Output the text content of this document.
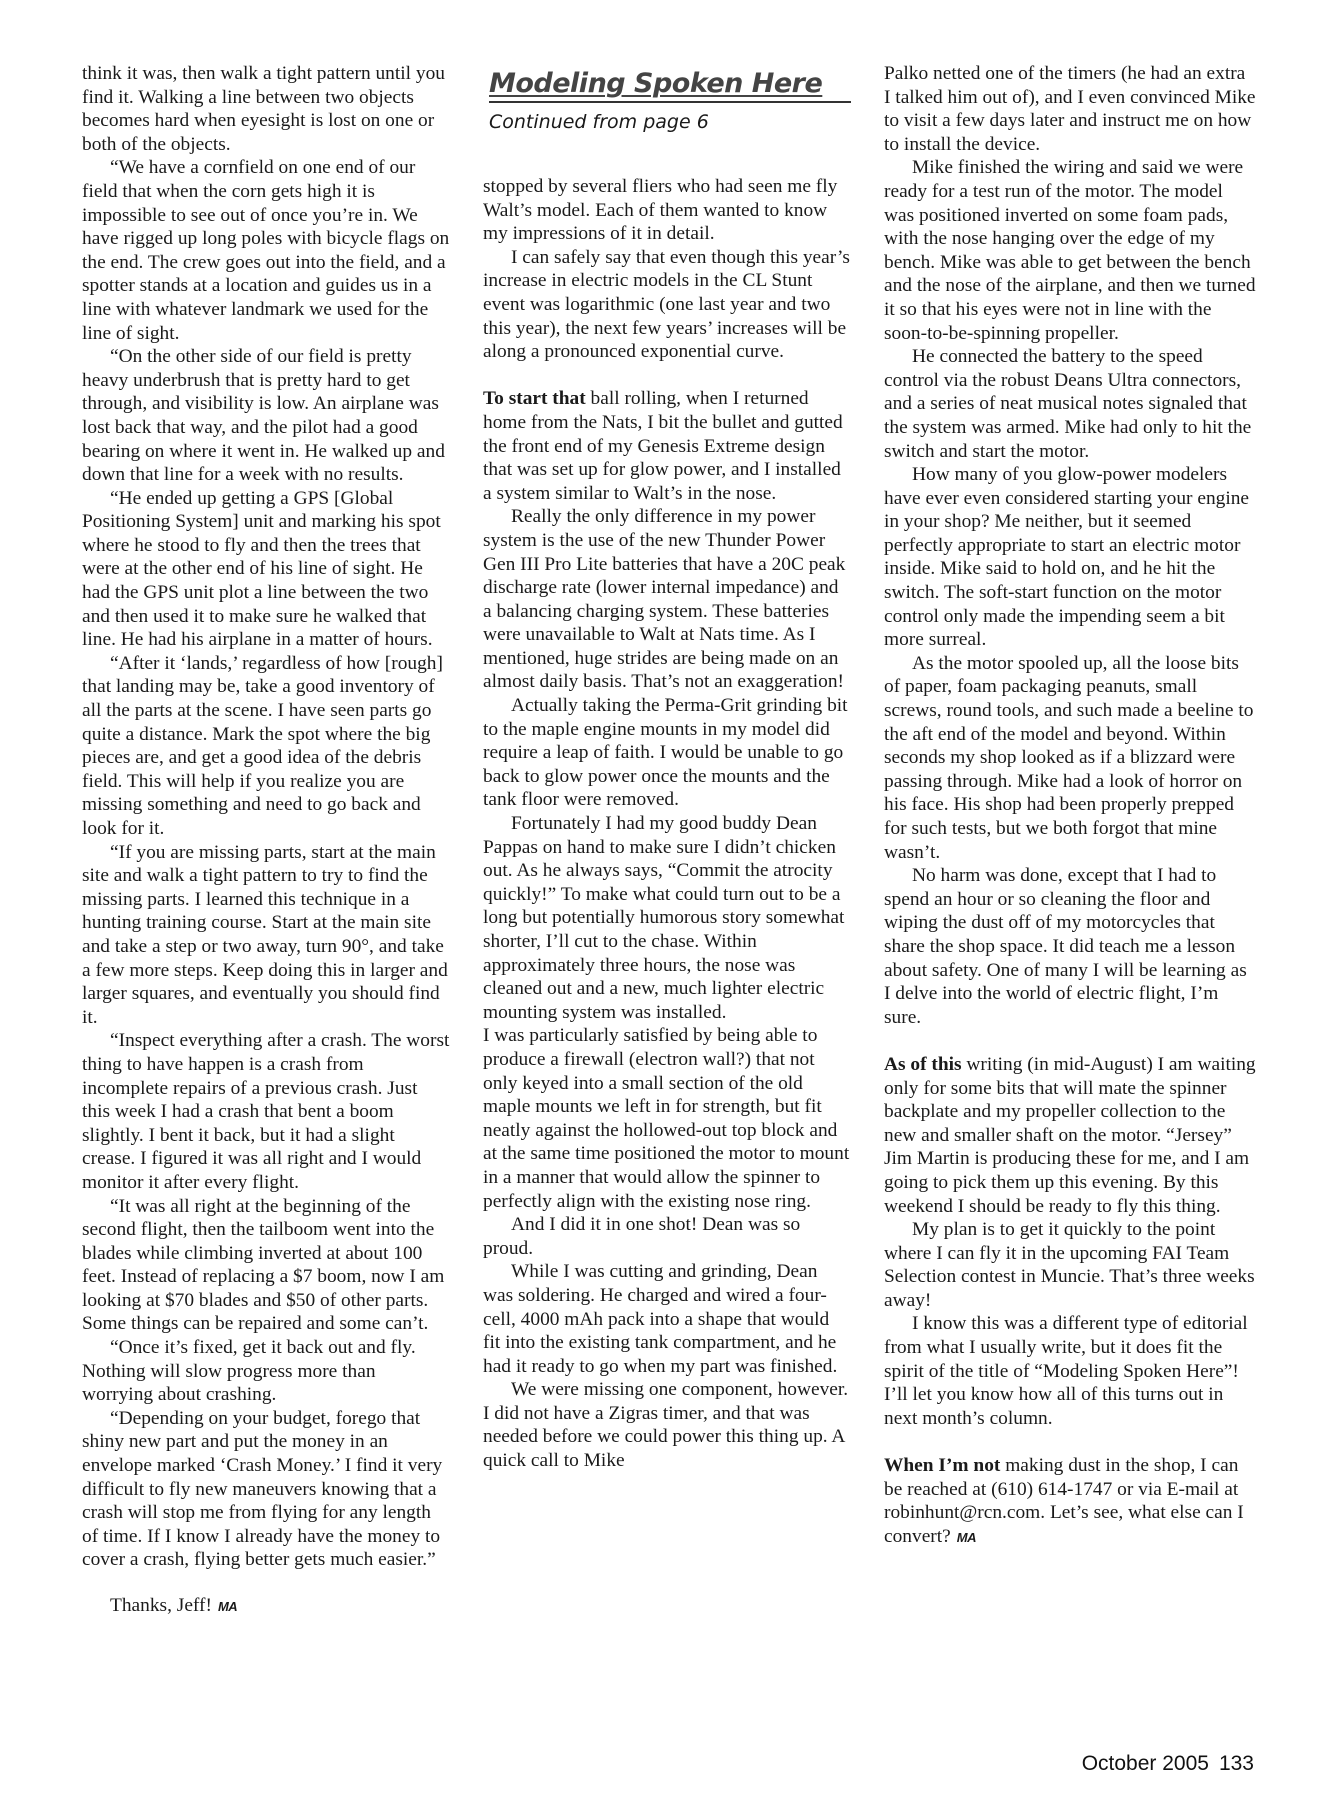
think it was, then walk a tight pattern until you find it. Walking a line between two objects becomes hard when eyesight is lost on one or both of the objects.

“We have a cornfield on one end of our field that when the corn gets high it is impossible to see out of once you’re in. We have rigged up long poles with bicycle flags on the end. The crew goes out into the field, and a spotter stands at a location and guides us in a line with whatever landmark we used for the line of sight.

“On the other side of our field is pretty heavy underbrush that is pretty hard to get through, and visibility is low. An airplane was lost back that way, and the pilot had a good bearing on where it went in. He walked up and down that line for a week with no results.

“He ended up getting a GPS [Global Positioning System] unit and marking his spot where he stood to fly and then the trees that were at the other end of his line of sight. He had the GPS unit plot a line between the two and then used it to make sure he walked that line. He had his airplane in a matter of hours.

“After it ‘lands,’ regardless of how [rough] that landing may be, take a good inventory of all the parts at the scene. I have seen parts go quite a distance. Mark the spot where the big pieces are, and get a good idea of the debris field. This will help if you realize you are missing something and need to go back and look for it.

“If you are missing parts, start at the main site and walk a tight pattern to try to find the missing parts. I learned this technique in a hunting training course. Start at the main site and take a step or two away, turn 90°, and take a few more steps. Keep doing this in larger and larger squares, and eventually you should find it.

“Inspect everything after a crash. The worst thing to have happen is a crash from incomplete repairs of a previous crash. Just this week I had a crash that bent a boom slightly. I bent it back, but it had a slight crease. I figured it was all right and I would monitor it after every flight.

“It was all right at the beginning of the second flight, then the tailboom went into the blades while climbing inverted at about 100 feet. Instead of replacing a $7 boom, now I am looking at $70 blades and $50 of other parts. Some things can be repaired and some can’t.

“Once it’s fixed, get it back out and fly. Nothing will slow progress more than worrying about crashing.

“Depending on your budget, forego that shiny new part and put the money in an envelope marked ‘Crash Money.’ I find it very difficult to fly new maneuvers knowing that a crash will stop me from flying for any length of time. If I know I already have the money to cover a crash, flying better gets much easier.”

Thanks, Jeff! MA

Modeling Spoken Here
Continued from page 6

stopped by several fliers who had seen me fly Walt’s model. Each of them wanted to know my impressions of it in detail.

I can safely say that even though this year’s increase in electric models in the CL Stunt event was logarithmic (one last year and two this year), the next few years’ increases will be along a pronounced exponential curve.

To start that ball rolling, when I returned home from the Nats, I bit the bullet and gutted the front end of my Genesis Extreme design that was set up for glow power, and I installed a system similar to Walt’s in the nose.

Really the only difference in my power system is the use of the new Thunder Power Gen III Pro Lite batteries that have a 20C peak discharge rate (lower internal impedance) and a balancing charging system. These batteries were unavailable to Walt at Nats time. As I mentioned, huge strides are being made on an almost daily basis. That’s not an exaggeration!

Actually taking the Perma-Grit grinding bit to the maple engine mounts in my model did require a leap of faith. I would be unable to go back to glow power once the mounts and the tank floor were removed.

Fortunately I had my good buddy Dean Pappas on hand to make sure I didn’t chicken out. As he always says, “Commit the atrocity quickly!” To make what could turn out to be a long but potentially humorous story somewhat shorter, I’ll cut to the chase. Within approximately three hours, the nose was cleaned out and a new, much lighter electric mounting system was installed.

I was particularly satisfied by being able to produce a firewall (electron wall?) that not only keyed into a small section of the old maple mounts we left in for strength, but fit neatly against the hollowed-out top block and at the same time positioned the motor to mount in a manner that would allow the spinner to perfectly align with the existing nose ring.

And I did it in one shot! Dean was so proud.

While I was cutting and grinding, Dean was soldering. He charged and wired a four-cell, 4000 mAh pack into a shape that would fit into the existing tank compartment, and he had it ready to go when my part was finished.

We were missing one component, however. I did not have a Zigras timer, and that was needed before we could power this thing up. A quick call to Mike

Palko netted one of the timers (he had an extra I talked him out of), and I even convinced Mike to visit a few days later and instruct me on how to install the device.

Mike finished the wiring and said we were ready for a test run of the motor. The model was positioned inverted on some foam pads, with the nose hanging over the edge of my bench. Mike was able to get between the bench and the nose of the airplane, and then we turned it so that his eyes were not in line with the soon-to-be-spinning propeller.

He connected the battery to the speed control via the robust Deans Ultra connectors, and a series of neat musical notes signaled that the system was armed. Mike had only to hit the switch and start the motor.

How many of you glow-power modelers have ever even considered starting your engine in your shop? Me neither, but it seemed perfectly appropriate to start an electric motor inside. Mike said to hold on, and he hit the switch. The soft-start function on the motor control only made the impending seem a bit more surreal.

As the motor spooled up, all the loose bits of paper, foam packaging peanuts, small screws, round tools, and such made a beeline to the aft end of the model and beyond. Within seconds my shop looked as if a blizzard were passing through. Mike had a look of horror on his face. His shop had been properly prepped for such tests, but we both forgot that mine wasn’t.

No harm was done, except that I had to spend an hour or so cleaning the floor and wiping the dust off of my motorcycles that share the shop space. It did teach me a lesson about safety. One of many I will be learning as I delve into the world of electric flight, I’m sure.

As of this writing (in mid-August) I am waiting only for some bits that will mate the spinner backplate and my propeller collection to the new and smaller shaft on the motor. “Jersey” Jim Martin is producing these for me, and I am going to pick them up this evening. By this weekend I should be ready to fly this thing.

My plan is to get it quickly to the point where I can fly it in the upcoming FAI Team Selection contest in Muncie. That’s three weeks away!

I know this was a different type of editorial from what I usually write, but it does fit the spirit of the title of “Modeling Spoken Here”! I’ll let you know how all of this turns out in next month’s column.

When I’m not making dust in the shop, I can be reached at (610) 614-1747 or via E-mail at robinhunt@rcn.com. Let’s see, what else can I convert? MA

October 2005 133
